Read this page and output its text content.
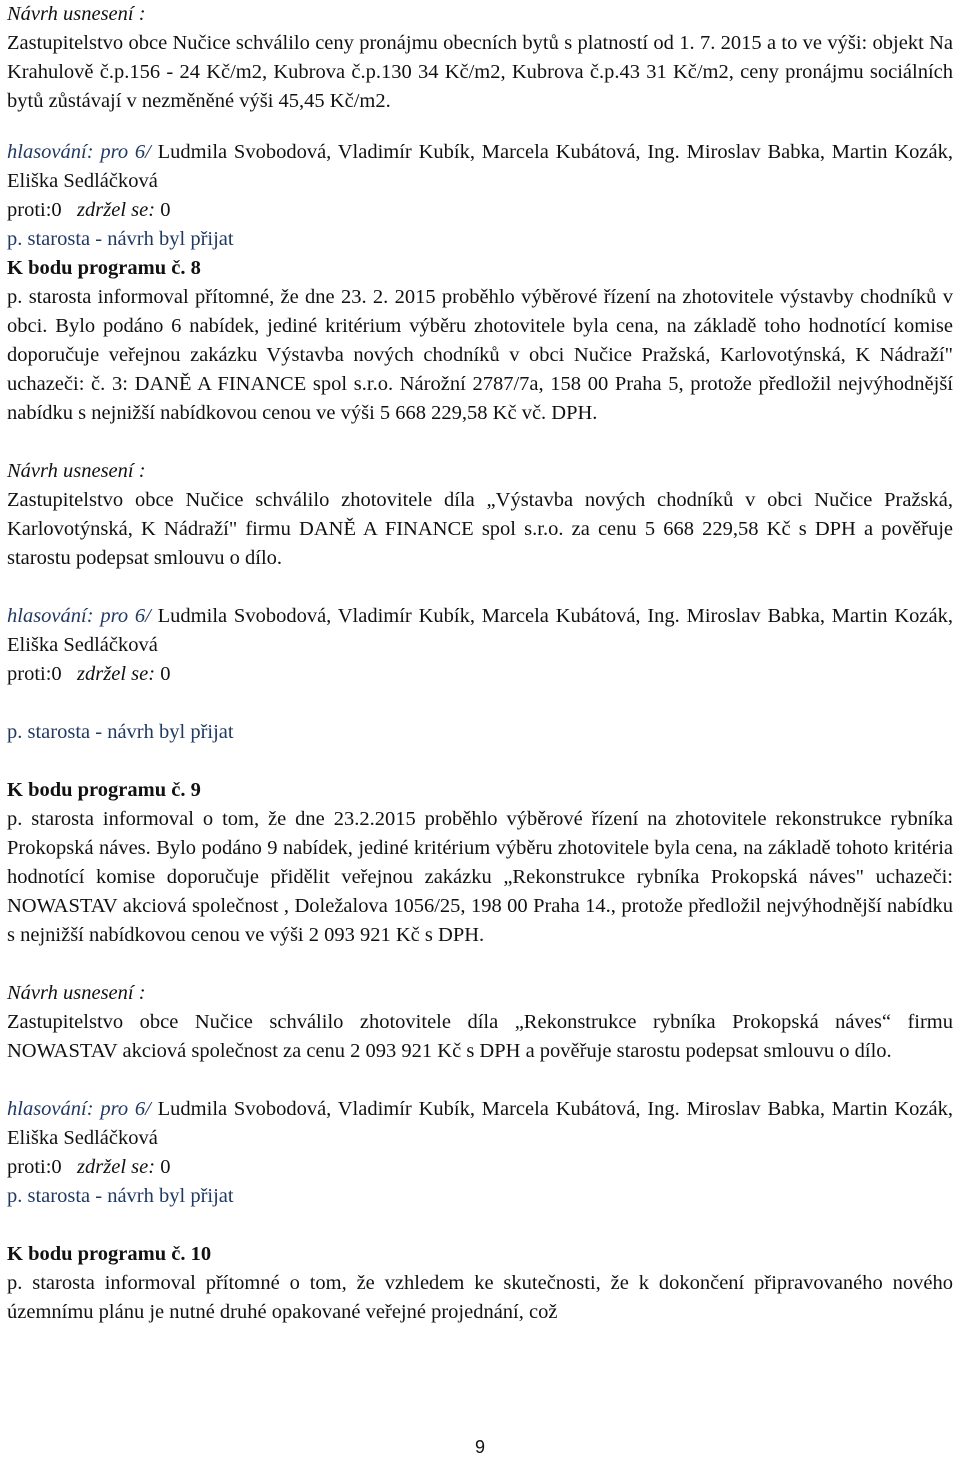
Návrh usnesení :

Zastupitelstvo obce Nučice schválilo ceny pronájmu obecních bytů s platností od 1. 7. 2015 a to ve výši: objekt Na Krahulově č.p.156 - 24 Kč/m2, Kubrova č.p.130 34 Kč/m2, Kubrova č.p.43 31 Kč/m2, ceny pronájmu sociálních bytů zůstávají v nezměněné výši 45,45 Kč/m2.

hlasování: pro 6/ Ludmila Svobodová, Vladimír Kubík, Marcela Kubátová, Ing. Miroslav Babka, Martin Kozák, Eliška Sedláčková

proti:0 zdržel se: 0

p. starosta - návrh byl přijat

K bodu programu č. 8

p. starosta informoval přítomné, že dne 23. 2. 2015 proběhlo výběrové řízení na zhotovitele výstavby chodníků v obci. Bylo podáno 6 nabídek, jediné kritérium výběru zhotovitele byla cena, na základě toho hodnotící komise doporučuje veřejnou zakázku Výstavba nových chodníků v obci Nučice Pražská, Karlovotýnská, K Nádraží" uchazeči: č. 3: DANĚ A FINANCE spol s.r.o. Nárožní 2787/7a, 158 00 Praha 5, protože předložil nejvýhodnější nabídku s nejnižší nabídkovou cenou ve výši 5 668 229,58 Kč vč. DPH.

Návrh usnesení :

Zastupitelstvo obce Nučice schválilo zhotovitele díla „Výstavba nových chodníků v obci Nučice Pražská, Karlovotýnská, K Nádraží" firmu DANĚ A FINANCE spol s.r.o. za cenu 5 668 229,58 Kč s DPH a pověřuje starostu podepsat smlouvu o dílo.

hlasování: pro 6/ Ludmila Svobodová, Vladimír Kubík, Marcela Kubátová, Ing. Miroslav Babka, Martin Kozák, Eliška Sedláčková

proti:0 zdržel se: 0

p. starosta - návrh byl přijat

K bodu programu č. 9

p. starosta informoval o tom, že dne 23.2.2015 proběhlo výběrové řízení na zhotovitele rekonstrukce rybníka Prokopská náves. Bylo podáno 9 nabídek, jediné kritérium výběru zhotovitele byla cena, na základě tohoto kritéria hodnotící komise doporučuje přidělit veřejnou zakázku „Rekonstrukce rybníka Prokopská náves" uchazeči: NOWASTAV akciová společnost , Doležalova 1056/25, 198 00 Praha 14., protože předložil nejvýhodnější nabídku s nejnižší nabídkovou cenou ve výši 2 093 921 Kč s DPH.

Návrh usnesení :

Zastupitelstvo obce Nučice schválilo zhotovitele díla „Rekonstrukce rybníka Prokopská náves“ firmu NOWASTAV akciová společnost za cenu 2 093 921 Kč s DPH a pověřuje starostu podepsat smlouvu o dílo.

hlasování: pro 6/ Ludmila Svobodová, Vladimír Kubík, Marcela Kubátová, Ing. Miroslav Babka, Martin Kozák, Eliška Sedláčková

proti:0 zdržel se: 0

p. starosta - návrh byl přijat

K bodu programu č. 10

p. starosta informoval přítomné o tom, že vzhledem ke skutečnosti, že k dokončení připravovaného nového územnímu plánu je nutné druhé opakované veřejné projednání, což

9
